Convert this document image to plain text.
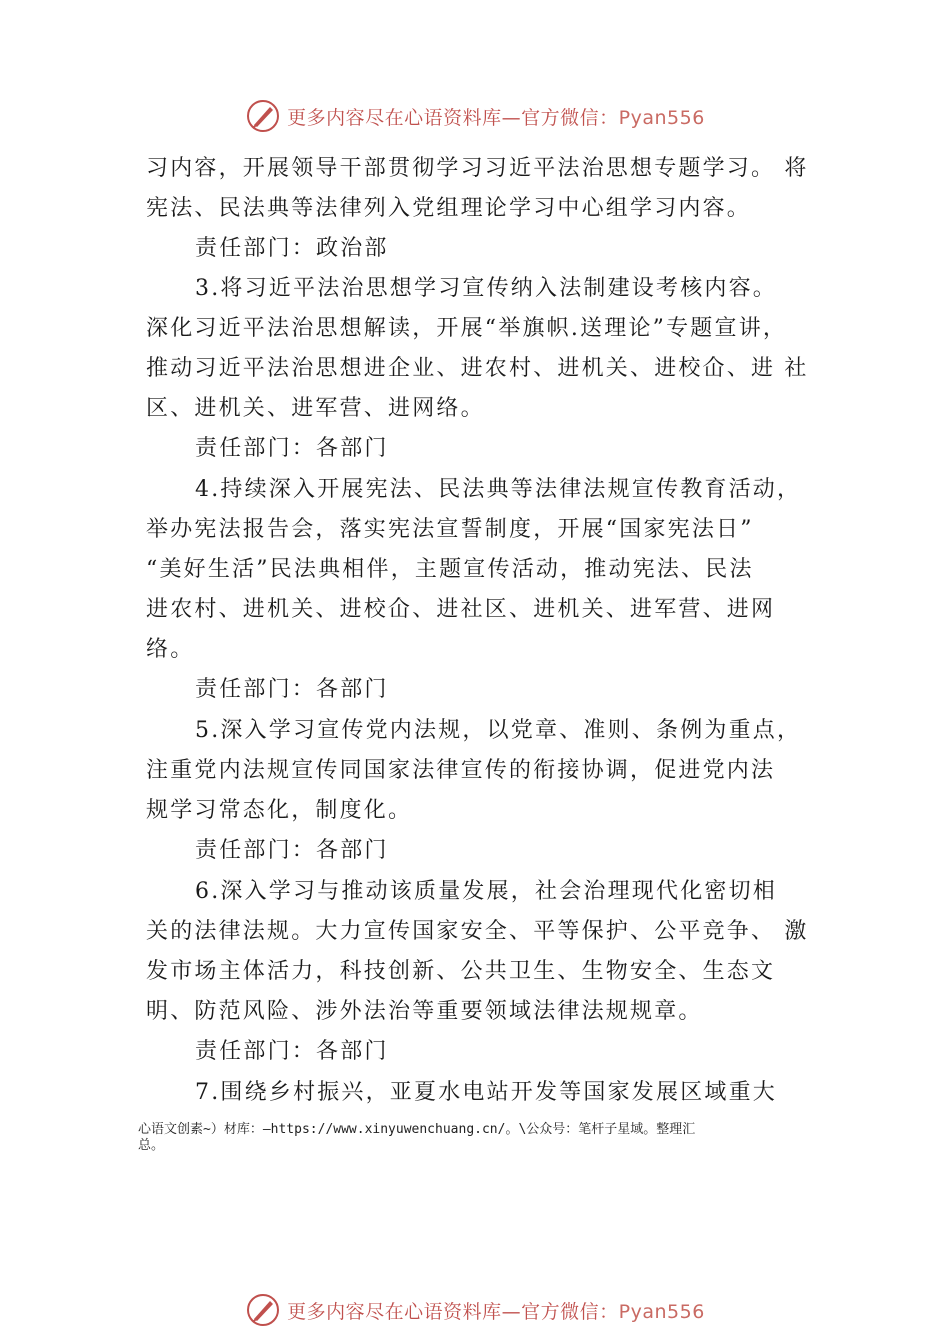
更多内容尽在心语资料库—官方微信：Pyan556
习内容，开展领导干部贯彻学习习近平法治思想专题学习。 将
宪法、民法典等法律列入党组理论学习中心组学习内容。
责任部门：政治部
3.将习近平法治思想学习宣传纳入法制建设考核内容。
深化习近平法治思想解读，开展“举旗帜.送理论”专题宣讲，
推动习近平法治思想进企业、进农村、进机关、进校仚、进 社
区、进机关、进军营、进网络。
责任部门：各部门
4.持续深入开展宪法、民法典等法律法规宣传教育活动，
举办宪法报告会，落实宪法宣誓制度，开展“国家宪法日”
“美好生活”民法典相伴，主题宣传活动，推动宪法、民法
进农村、进机关、进校仚、进社区、进机关、进军营、进网
络。
责任部门：各部门
5.深入学习宣传党内法规，以党章、准则、条例为重点，
注重党内法规宣传同国家法律宣传的衔接协调，促进党内法
规学习常态化，制度化。
责任部门：各部门
6.深入学习与推动该质量发展，社会治理现代化密切相
关的法律法规。大力宣传国家安全、平等保护、公平竞争、 激
发市场主体活力，科技创新、公共卫生、生物安全、生态文
明、防范风险、涉外法治等重要领域法律法规规章。
责任部门：各部门
7.围绕乡村振兴，亚夏水电站开发等国家发展区域重大
心语文创素~）材库：—https://www.xinyuwenchuang.cn/。\公众号：笔杆子星域。整理汇
总。
更多内容尽在心语资料库—官方微信：Pyan556
